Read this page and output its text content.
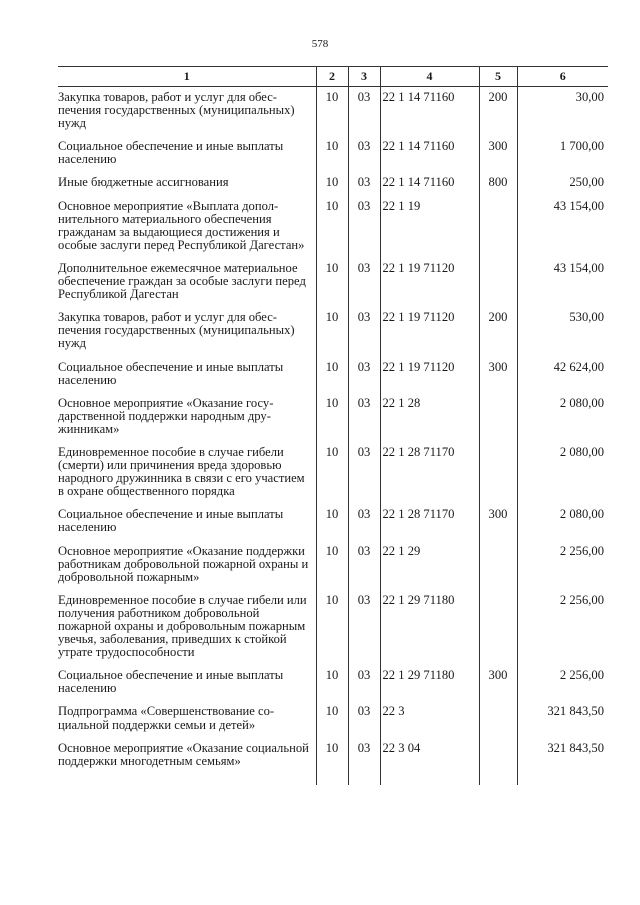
578
1	2	3	4	5	6
Закупка товаров, работ и услуг для обеспечения государственных (муниципальных) нужд	10	03	22 1 14 71160	200	30,00

Социальное обеспечение и иные выплаты населению	10	03	22 1 14 71160	300	1 700,00

Иные бюджетные ассигнования	10	03	22 1 14 71160	800	250,00

Основное мероприятие «Выплата дополнительного материального обеспечения гражданам за выдающиеся достижения и особые заслуги перед Республикой Дагестан»	10	03	22 1 19		43 154,00

Дополнительное ежемесячное материальное обеспечение граждан за особые заслуги перед Республикой Дагестан	10	03	22 1 19 71120		43 154,00

Закупка товаров, работ и услуг для обеспечения государственных (муниципальных) нужд	10	03	22 1 19 71120	200	530,00

Социальное обеспечение и иные выплаты населению	10	03	22 1 19 71120	300	42 624,00

Основное мероприятие «Оказание государственной поддержки народным дружинникам»	10	03	22 1 28		2 080,00

Единовременное пособие в случае гибели (смерти) или причинения вреда здоровью народного дружинника в связи с его участием в охране общественного порядка	10	03	22 1 28 71170		2 080,00

Социальное обеспечение и иные выплаты населению	10	03	22 1 28 71170	300	2 080,00

Основное мероприятие «Оказание поддержки работникам добровольной пожарной охраны и добровольной пожарным»	10	03	22 1 29		2 256,00

Единовременное пособие в случае гибели или получения работником добровольной пожарной охраны и добровольным пожарным увечья, заболевания, приведших к стойкой утрате трудоспособности	10	03	22 1 29 71180		2 256,00

Социальное обеспечение и иные выплаты населению	10	03	22 1 29 71180	300	2 256,00

Подпрограмма «Совершенствование социальной поддержки семьи и детей»	10	03	22 3		321 843,50

Основное мероприятие «Оказание социальной поддержки многодетным семьям»	10	03	22 3 04		321 843,50
